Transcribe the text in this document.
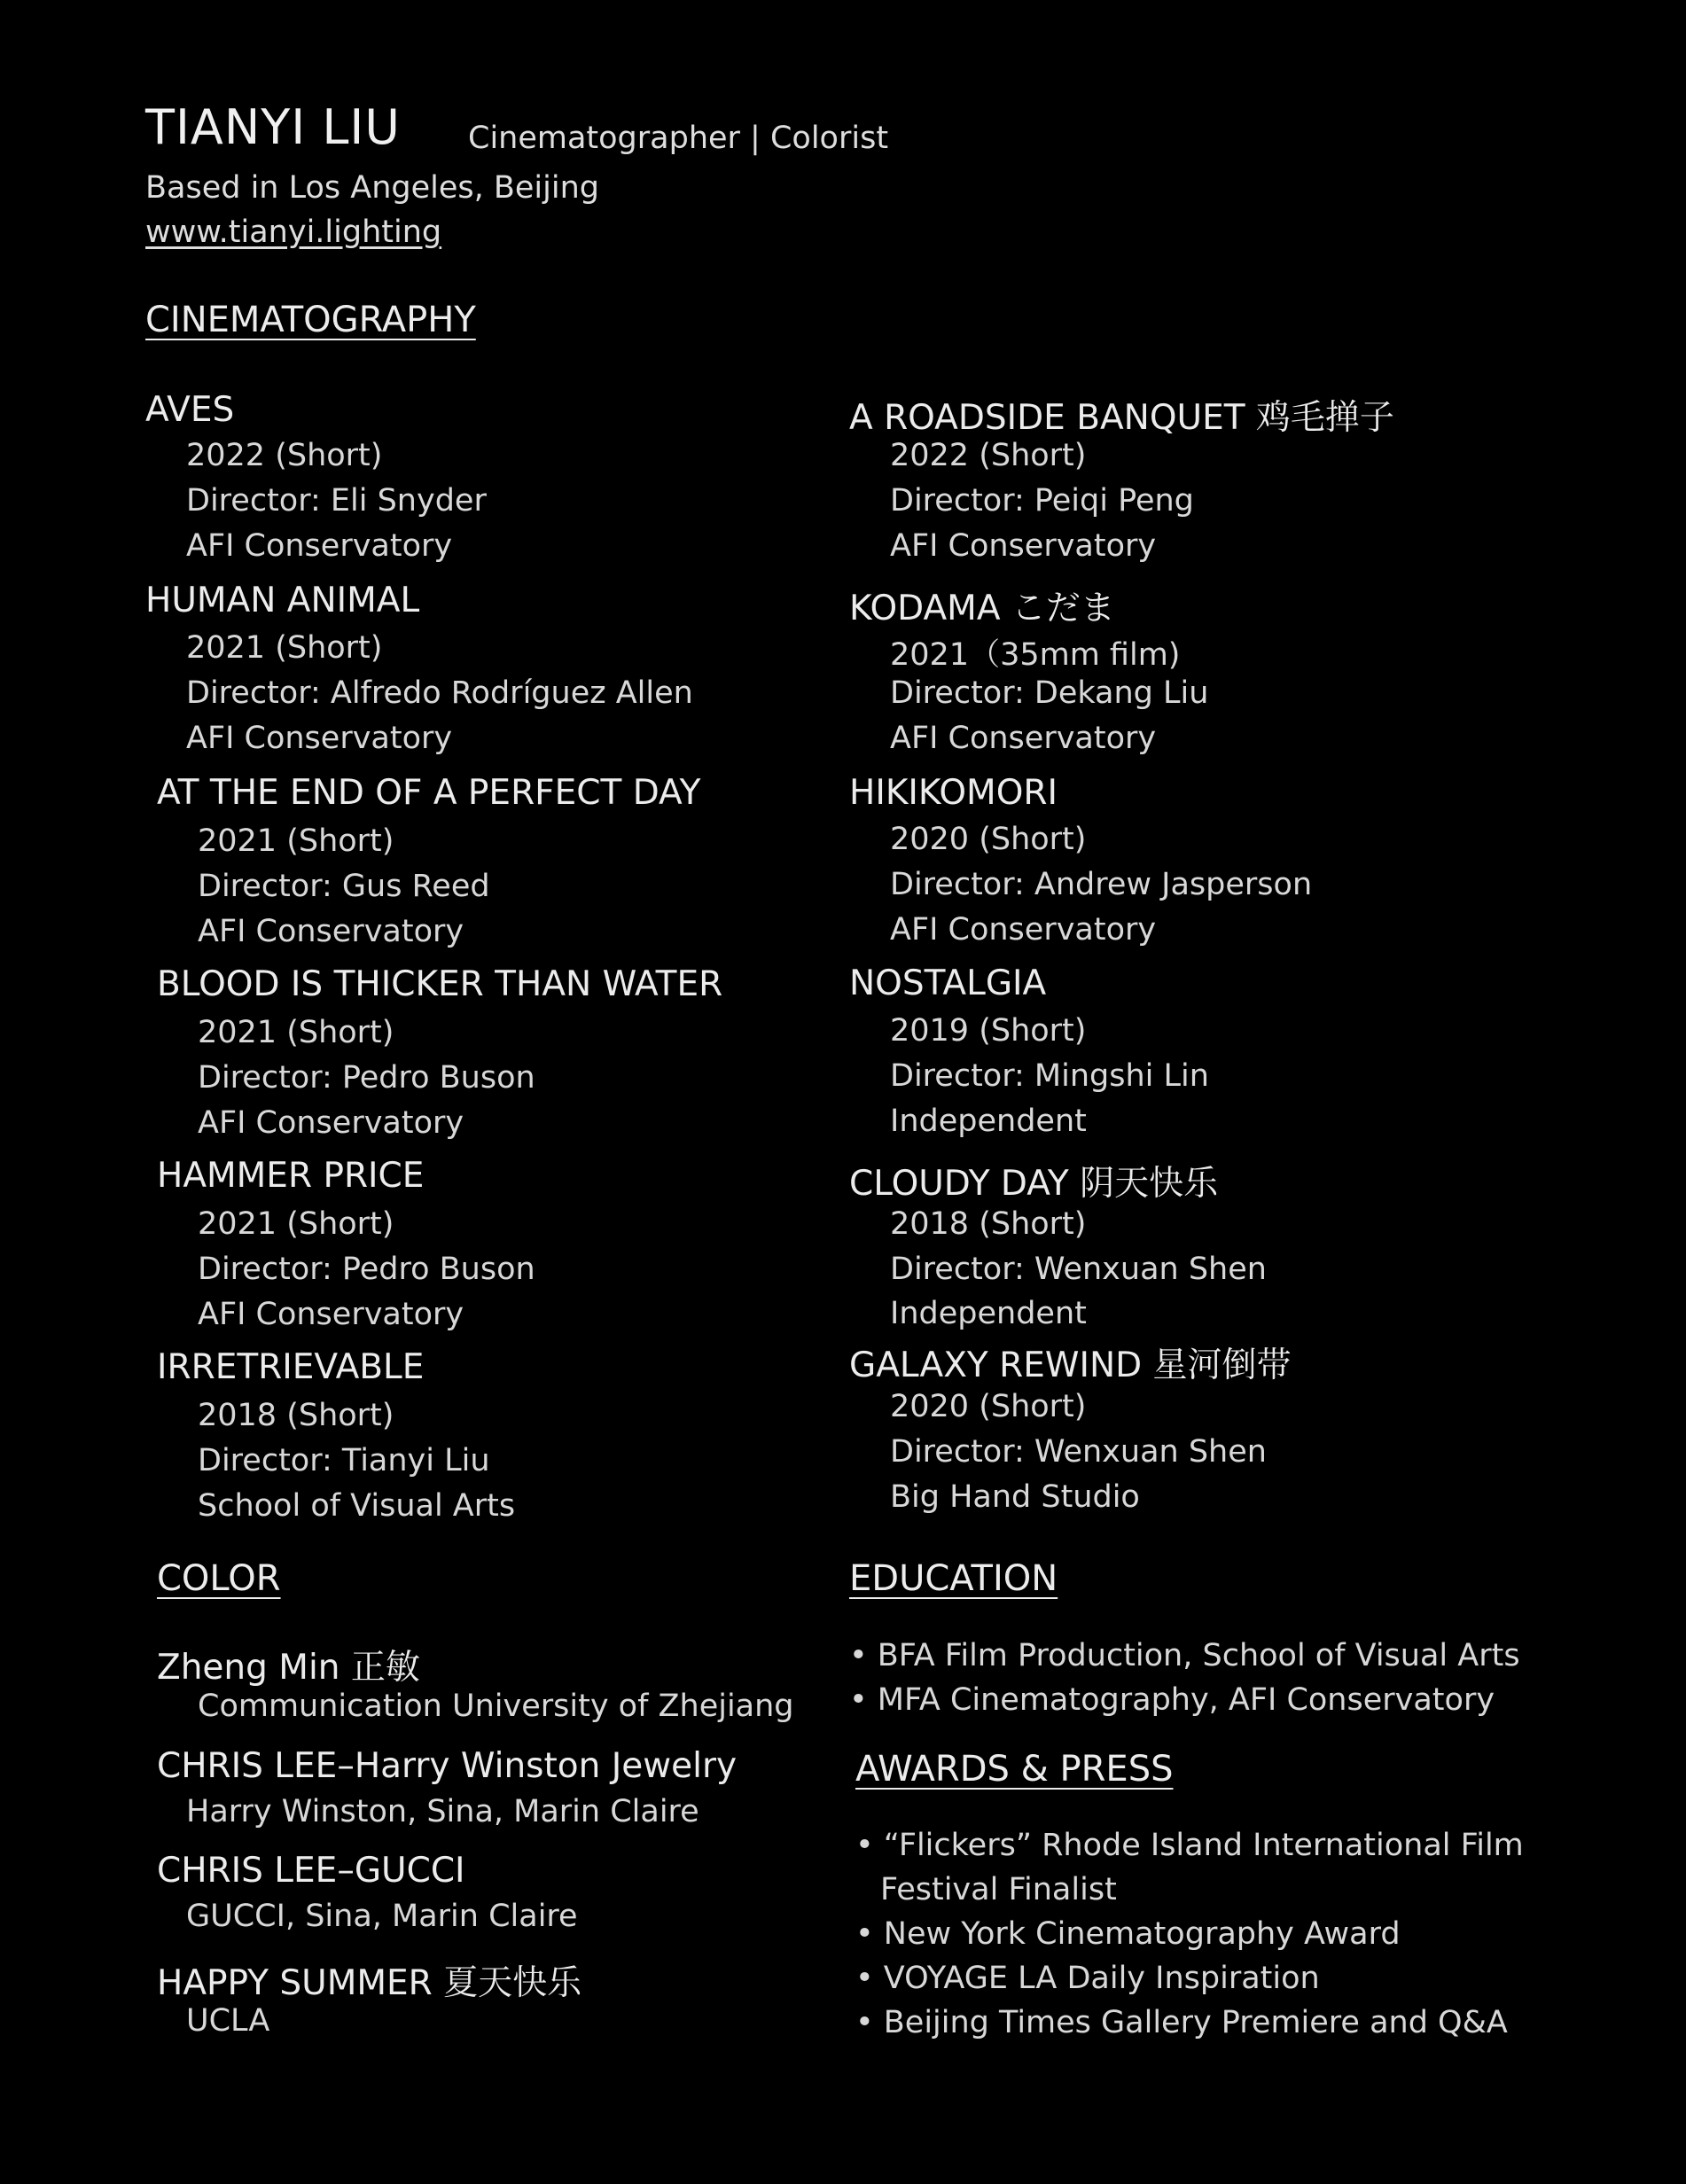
TIANYI LIU Cinematographer | Colorist
Based in Los Angeles, Beijing
www.tianyi.lighting
CINEMATOGRAPHY
AVES
2022 (Short)
Director: Eli Snyder
AFI Conservatory
HUMAN ANIMAL
2021 (Short)
Director: Alfredo Rodríguez Allen
AFI Conservatory
AT THE END OF A PERFECT DAY
2021 (Short)
Director: Gus Reed
AFI Conservatory
BLOOD IS THICKER THAN WATER
2021 (Short)
Director: Pedro Buson
AFI Conservatory
HAMMER PRICE
2021 (Short)
Director: Pedro Buson
AFI Conservatory
IRRETRIEVABLE
2018 (Short)
Director: Tianyi Liu
School of Visual Arts
A ROADSIDE BANQUET 鸡毛掸子
2022 (Short)
Director: Peiqi Peng
AFI Conservatory
KODAMA こだま
2021（35mm film)
Director: Dekang Liu
AFI Conservatory
HIKIKOMORI
2020 (Short)
Director: Andrew Jasperson
AFI Conservatory
NOSTALGIA
2019 (Short)
Director: Mingshi Lin
Independent
CLOUDY DAY 阴天快乐
2018 (Short)
Director: Wenxuan Shen
Independent
GALAXY REWIND 星河倒带
2020 (Short)
Director: Wenxuan Shen
Big Hand Studio
COLOR
Zheng Min 正敏
Communication University of Zhejiang
CHRIS LEE–Harry Winston Jewelry
Harry Winston, Sina, Marin Claire
CHRIS LEE–GUCCI
GUCCI, Sina, Marin Claire
HAPPY SUMMER 夏天快乐
UCLA
EDUCATION
• BFA Film Production, School of Visual Arts
• MFA Cinematography, AFI Conservatory
AWARDS & PRESS
• “Flickers” Rhode Island International Film
Festival Finalist
• New York Cinematography Award
• VOYAGE LA Daily Inspiration
• Beijing Times Gallery Premiere and Q&A
